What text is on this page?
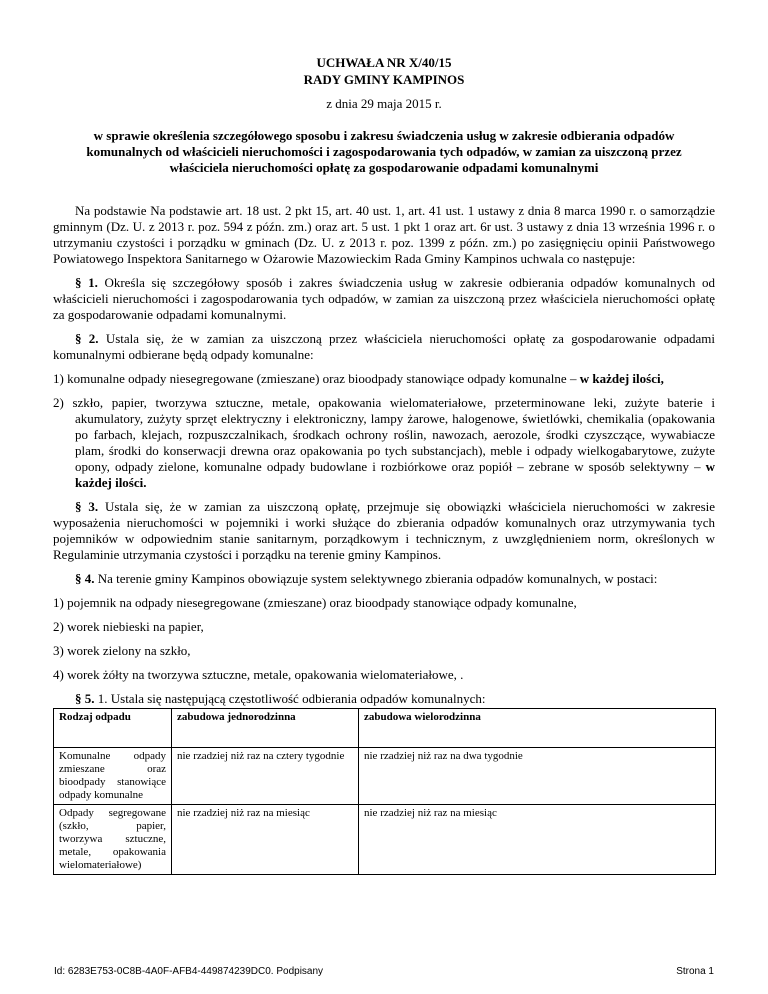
UCHWAŁA NR X/40/15
RADY GMINY KAMPINOS
z dnia 29 maja 2015 r.
w sprawie określenia szczegółowego sposobu i zakresu świadczenia usług w zakresie odbierania odpadów komunalnych od właścicieli nieruchomości i zagospodarowania tych odpadów, w zamian za uiszczoną przez właściciela nieruchomości opłatę za gospodarowanie odpadami komunalnymi

Na podstawie Na podstawie art. 18 ust. 2 pkt 15, art. 40 ust. 1, art. 41 ust. 1 ustawy z dnia 8 marca 1990 r. o samorządzie gminnym (Dz. U. z 2013 r. poz. 594 z późn. zm.) oraz art. 5 ust. 1 pkt 1 oraz art. 6r ust. 3 ustawy z dnia 13 września 1996 r. o utrzymaniu czystości i porządku w gminach (Dz. U. z 2013 r. poz. 1399 z późn. zm.) po zasięgnięciu opinii Państwowego Powiatowego Inspektora Sanitarnego w Ożarowie Mazowieckim Rada Gminy Kampinos uchwala co następuje:

§ 1. Określa się szczegółowy sposób i zakres świadczenia usług w zakresie odbierania odpadów komunalnych od właścicieli nieruchomości i zagospodarowania tych odpadów, w zamian za uiszczoną przez właściciela nieruchomości opłatę za gospodarowanie odpadami komunalnymi.

§ 2. Ustala się, że w zamian za uiszczoną przez właściciela nieruchomości opłatę za gospodarowanie odpadami komunalnymi odbierane będą odpady komunalne:

1) komunalne odpady niesegregowane (zmieszane) oraz bioodpady stanowiące odpady komunalne – w każdej ilości,
2) szkło, papier, tworzywa sztuczne, metale, opakowania wielomateriałowe, przeterminowane leki, zużyte baterie i akumulatory, zużyty sprzęt elektryczny i elektroniczny, lampy żarowe, halogenowe, świetlówki, chemikalia (opakowania po farbach, klejach, rozpuszczalnikach, środkach ochrony roślin, nawozach, aerozole, środki czyszczące, wywabiacze plam, środki do konserwacji drewna oraz opakowania po tych substancjach), meble i odpady wielkogabarytowe, zużyte opony, odpady zielone, komunalne odpady budowlane i rozbiórkowe oraz popiół – zebrane w sposób selektywny – w każdej ilości.

§ 3. Ustala się, że w zamian za uiszczoną opłatę, przejmuje się obowiązki właściciela nieruchomości w zakresie wyposażenia nieruchomości w pojemniki i worki służące do zbierania odpadów komunalnych oraz utrzymywania tych pojemników w odpowiednim stanie sanitarnym, porządkowym i technicznym, z uwzględnieniem norm, określonych w Regulaminie utrzymania czystości i porządku na terenie gminy Kampinos.

§ 4. Na terenie gminy Kampinos obowiązuje system selektywnego zbierania odpadów komunalnych, w postaci:

1) pojemnik na odpady niesegregowane (zmieszane) oraz bioodpady stanowiące odpady komunalne,
2) worek niebieski na papier,
3) worek zielony na szkło,
4) worek żółty na tworzywa sztuczne, metale, opakowania wielomateriałowe, .

§ 5. 1. Ustala się następującą częstotliwość odbierania odpadów komunalnych:

Rodzaj odpadu	zabudowa jednorodzinna	zabudowa wielorodzinna
Komunalne odpady zmieszane oraz bioodpady stanowiące odpady komunalne	nie rzadziej niż raz na cztery tygodnie	nie rzadziej niż raz na dwa tygodnie
Odpady segregowane (szkło, papier, tworzywa sztuczne, metale, opakowania wielomateriałowe)	nie rzadziej niż raz na miesiąc	nie rzadziej niż raz na miesiąc
Id: 6283E753-0C8B-4A0F-AFB4-449874239DC0. Podpisany	Strona 1
